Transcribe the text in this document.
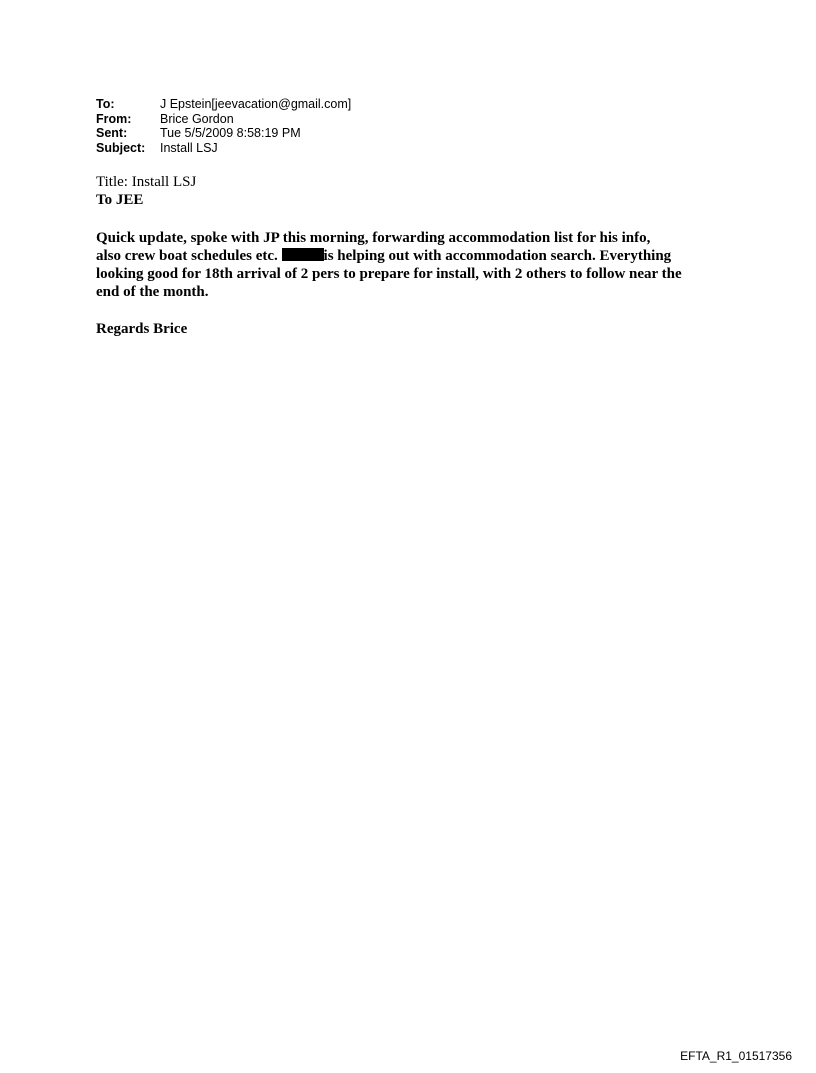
To:	J Epstein[jeevacation@gmail.com]
From:	Brice Gordon
Sent:	Tue 5/5/2009 8:58:19 PM
Subject:	Install LSJ
Title: Install LSJ
To JEE
Quick update, spoke with JP this morning, forwarding accommodation list for his info,
also crew boat schedules etc.	is helping out with accommodation search. Everything
looking good for 18th arrival of 2 pers to prepare for install, with 2 others to follow near the
end of the month.
Regards Brice
EFTA_R1_01517356
